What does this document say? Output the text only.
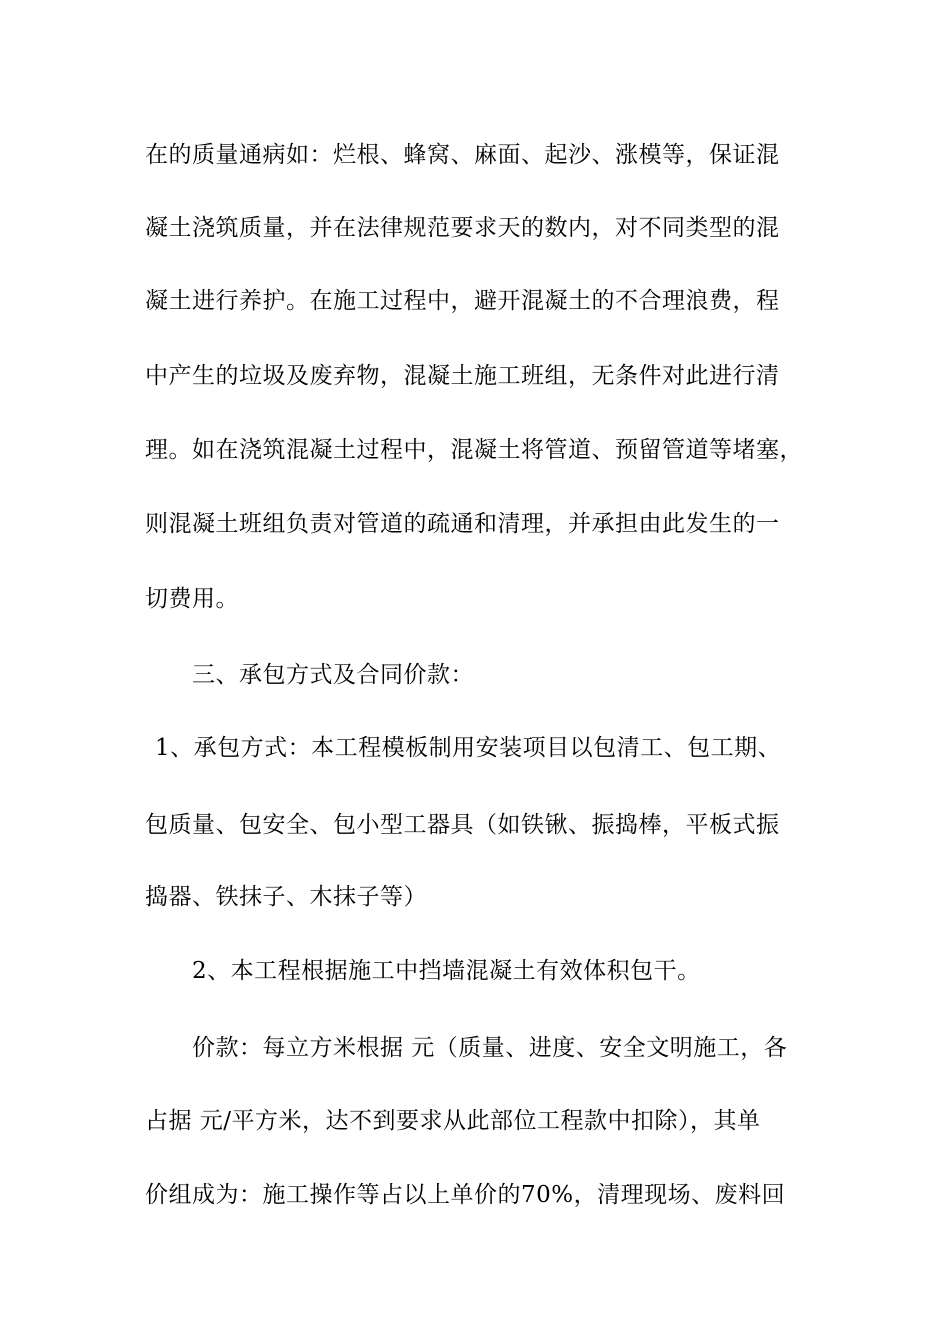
在的质量通病如：烂根、蜂窝、麻面、起沙、涨模等，保证混
凝土浇筑质量，并在法律规范要求天的数内，对不同类型的混
凝土进行养护。在施工过程中，避开混凝土的不合理浪费，程
中产生的垃圾及废弃物，混凝土施工班组，无条件对此进行清
理。如在浇筑混凝土过程中，混凝土将管道、预留管道等堵塞，
则混凝土班组负责对管道的疏通和清理，并承担由此发生的一
切费用。
三、承包方式及合同价款：
1、承包方式：本工程模板制用安装项目以包清工、包工期、
包质量、包安全、包小型工器具（如铁锹、振捣棒，平板式振
捣器、铁抹子、木抹子等）
2、本工程根据施工中挡墙混凝土有效体积包干。
价款：每立方米根据 元（质量、进度、安全文明施工，各
占据 元/平方米，达不到要求从此部位工程款中扣除），其单
价组成为：施工操作等占以上单价的70%，清理现场、废料回
